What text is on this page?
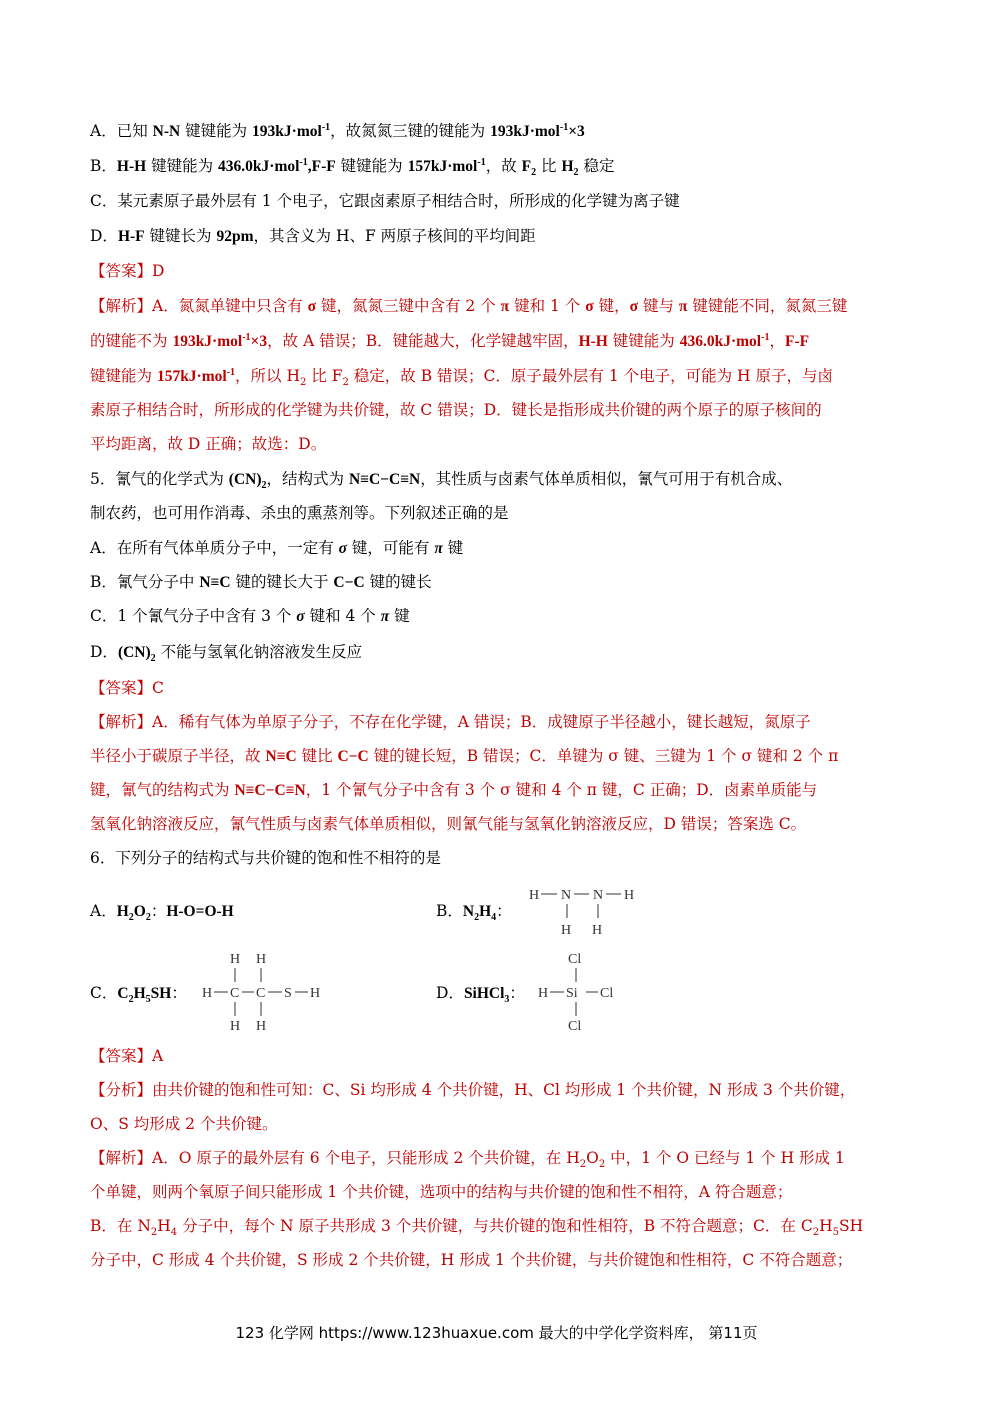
A．已知 N-N 键键能为 193kJ·mol$^{-1}$，故氮氮三键的键能为 193kJ·mol$^{-1}$×3
B．H-H 键键能为 436.0kJ·mol$^{-1}$,F-F 键键能为 157kJ·mol$^{-1}$，故 $F_2$ 比 $H_2$ 稳定
C．某元素原子最外层有 1 个电子，它跟卤素原子相结合时，所形成的化学键为离子键
D．H-F 键键长为 92pm，其含义为 H、F 两原子核间的平均间距
【答案】D
【解析】A．氮氮单键中只含有 σ 键，氮氮三键中含有 2 个 π 键和 1 个 σ 键，σ 键与 π 键键能不同，氮氮三键
的键能不为 193kJ·mol$^{-1}$×3，故 A 错误；B．键能越大，化学键越牢固，H-H 键键能为 436.0kJ·mol$^{-1}$，F-F
键键能为 157kJ·mol$^{-1}$，所以 $H_2$ 比 $F_2$ 稳定，故 B 错误；C．原子最外层有 1 个电子，可能为 H 原子，与卤
素原子相结合时，所形成的化学键为共价键，故 C 错误；D．键长是指形成共价键的两个原子的原子核间的
平均距离，故 D 正确；故选：D。
5．氰气的化学式为 $(CN)_2$，结构式为 N≡C−C≡N，其性质与卤素气体单质相似，氰气可用于有机合成、
制农药，也可用作消毒、杀虫的熏蒸剂等。下列叙述正确的是
A．在所有气体单质分子中，一定有 σ 键，可能有 π 键
B．氰气分子中 N≡C 键的键长大于 C−C 键的键长
C．1 个氰气分子中含有 3 个 σ 键和 4 个 π 键
D．$(CN)_2$ 不能与氢氧化钠溶液发生反应
【答案】C
【解析】A．稀有气体为单原子分子，不存在化学键，A 错误；B．成键原子半径越小，键长越短，氮原子
半径小于碳原子半径，故 N≡C 键比 C−C 键的键长短，B 错误；C．单键为 σ 键、三键为 1 个 σ 键和 2 个 π
键，氰气的结构式为 N≡C−C≡N，1 个氰气分子中含有 3 个 σ 键和 4 个 π 键，C 正确；D．卤素单质能与
氢氧化钠溶液反应，氰气性质与卤素气体单质相似，则氰气能与氢氧化钠溶液反应，D 错误；答案选 C。
6．下列分子的结构式与共价键的饱和性不相符的是
A．$H_2O_2$：H-O=O-H	B．$N_2H_4$：
H N N H
H H
C．$C_2H_5SH$：
H H
H C C S H
H H
D．SiHCl$_3$：
Cl
H Si Cl
Cl
【答案】A
【分析】由共价键的饱和性可知：C、Si 均形成 4 个共价键，H、Cl 均形成 1 个共价键，N 形成 3 个共价键，
O、S 均形成 2 个共价键。
【解析】A．O 原子的最外层有 6 个电子，只能形成 2 个共价键，在 $H_2O_2$ 中，1 个 O 已经与 1 个 H 形成 1
个单键，则两个氧原子间只能形成 1 个共价键，选项中的结构与共价键的饱和性不相符，A 符合题意；
B．在 $N_2H_4$ 分子中，每个 N 原子共形成 3 个共价键，与共价键的饱和性相符，B 不符合题意；C．在 $C_2H_5SH$
分子中，C 形成 4 个共价键，S 形成 2 个共价键，H 形成 1 个共价键，与共价键饱和性相符，C 不符合题意；
123 化学网 https://www.123huaxue.com 最大的中学化学资料库， 第11页
